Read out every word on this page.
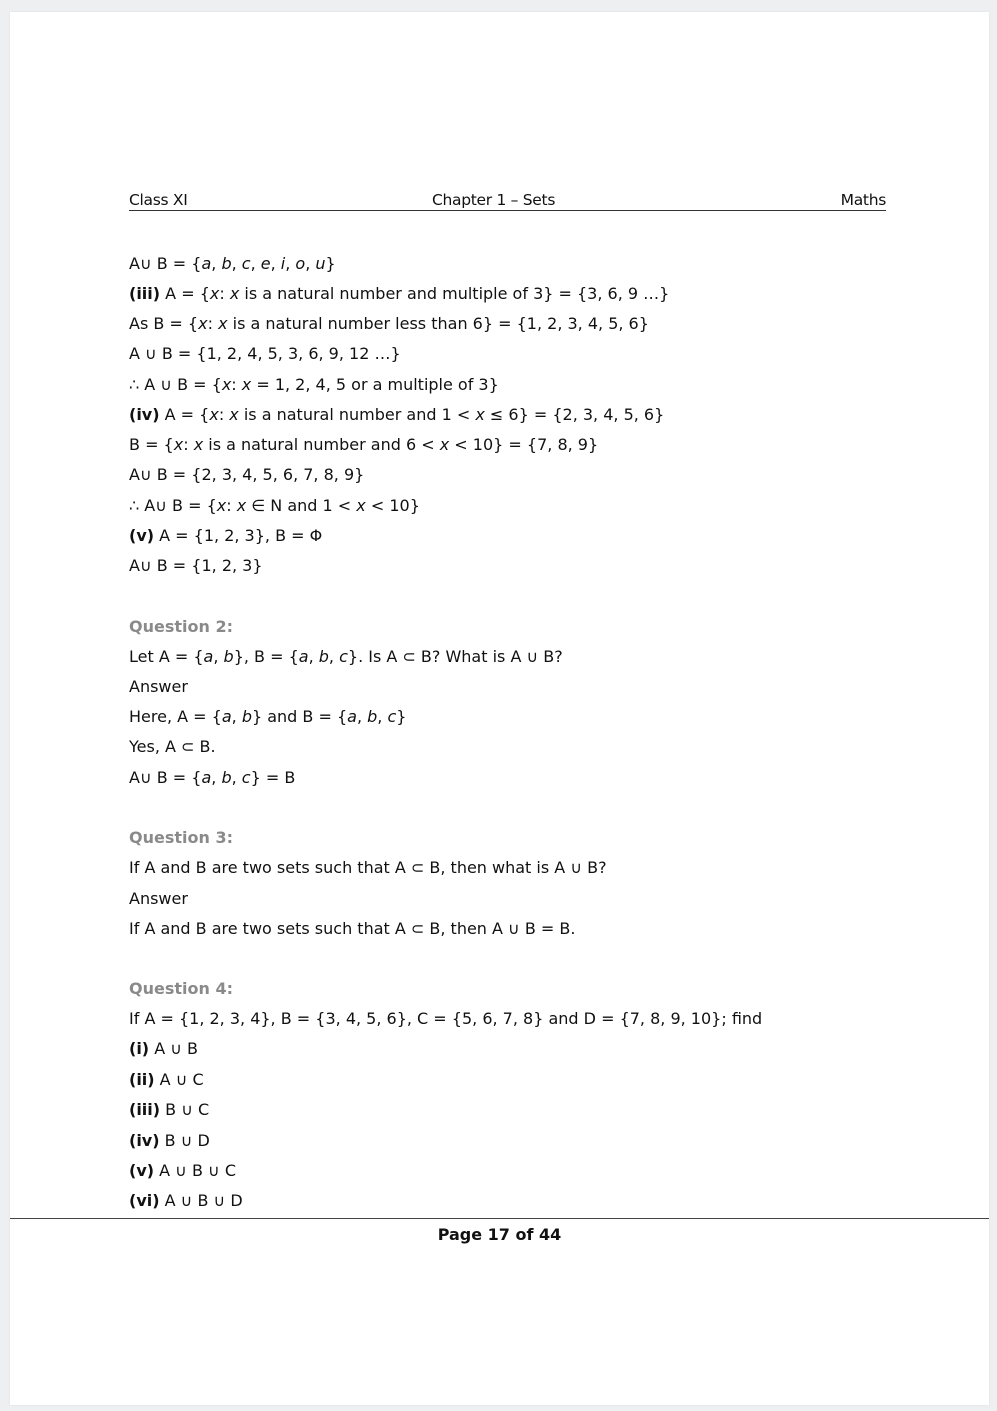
Class XI	Chapter 1 – Sets	Maths
A∪ B = {a, b, c, e, i, o, u}
(iii) A = {x: x is a natural number and multiple of 3} = {3, 6, 9 …}
As B = {x: x is a natural number less than 6} = {1, 2, 3, 4, 5, 6}
A ∪ B = {1, 2, 4, 5, 3, 6, 9, 12 …}
∴ A ∪ B = {x: x = 1, 2, 4, 5 or a multiple of 3}
(iv) A = {x: x is a natural number and 1 < x ≤ 6} = {2, 3, 4, 5, 6}
B = {x: x is a natural number and 6 < x < 10} = {7, 8, 9}
A∪ B = {2, 3, 4, 5, 6, 7, 8, 9}
∴ A∪ B = {x: x ∈ N and 1 < x < 10}
(v) A = {1, 2, 3}, B = Φ
A∪ B = {1, 2, 3}
Question 2:
Let A = {a, b}, B = {a, b, c}. Is A ⊂ B? What is A ∪ B?
Answer
Here, A = {a, b} and B = {a, b, c}
Yes, A ⊂ B.
A∪ B = {a, b, c} = B
Question 3:
If A and B are two sets such that A ⊂ B, then what is A ∪ B?
Answer
If A and B are two sets such that A ⊂ B, then A ∪ B = B.
Question 4:
If A = {1, 2, 3, 4}, B = {3, 4, 5, 6}, C = {5, 6, 7, 8} and D = {7, 8, 9, 10}; find
(i) A ∪ B
(ii) A ∪ C
(iii) B ∪ C
(iv) B ∪ D
(v) A ∪ B ∪ C
(vi) A ∪ B ∪ D
Page 17 of 44
